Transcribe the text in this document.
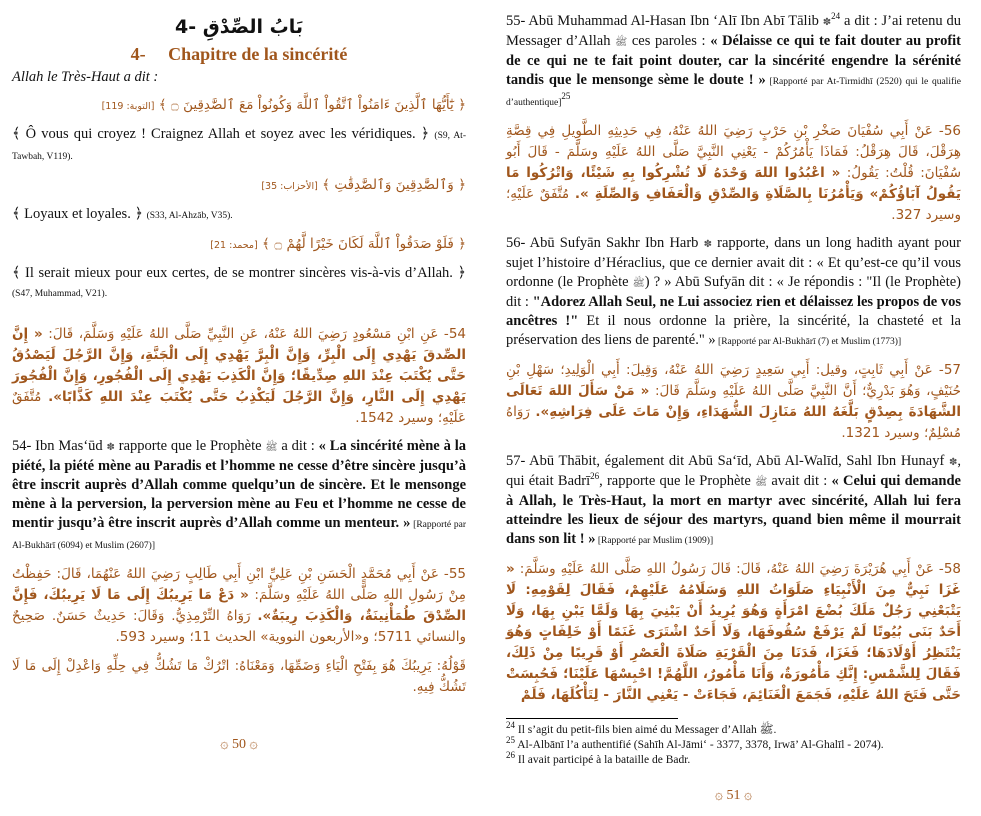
4- بَابُ الصِّدْقِ
4- Chapitre de la sincérité
Allah le Très-Haut a dit :
﴿ يَٰٓأَيُّهَا ٱلَّذِينَ ءَامَنُواْ ٱتَّقُواْ ٱللَّهَ وَكُونُواْ مَعَ ٱلصَّٰدِقِينَ ۝ ﴾ [التوبة: 119]
﴾ Ô vous qui croyez ! Craignez Allah et soyez avec les véridiques. ﴿ (S9, At-Tawbah, V119).
﴿ وَٱلصَّٰدِقِينَ وَٱلصَّٰدِقَٰتِ ﴾ [الأحزاب: 35]
﴾ Loyaux et loyales. ﴿ (S33, Al-Ahzāb, V35).
﴿ فَلَوْ صَدَقُواْ ٱللَّهَ لَكَانَ خَيْرًا لَّهُمْ ۝ ﴾ [محمد: 21]
﴾ Il serait mieux pour eux certes, de se montrer sincères vis-à-vis d’Allah. ﴿ (S47, Muhammad, V21).
54- عَنِ ابْنِ مَسْعُودٍ رَضِيَ اللهُ عَنْهُ، عَنِ النَّبِيِّ صَلَّى اللهُ عَلَيْهِ وَسَلَّمَ، قَالَ: « إِنَّ الصِّدقَ يَهْدِي إِلَى الْبِرِّ، وَإِنَّ الْبِرَّ يَهْدِي إِلَى الْجَنَّةِ، وَإِنَّ الرَّجُلَ لَيَصْدُقُ حَتَّى يُكْتَبَ عِنْدَ اللهِ صِدِّيقًا؛ وَإِنَّ الْكَذِبَ يَهْدِي إِلَى الْفُجُورِ، وَإِنَّ الْفُجُورَ يَهْدِي إِلَى النَّارِ، وَإِنَّ الرَّجُلَ لَيَكْذِبُ حَتَّى يُكْتَبَ عِنْدَ اللهِ كَذَّابًا». مُتَّفَقٌ عَلَيْهِ؛ وسيرد 1542.
54- Ibn Mas‘ūd ✽ rapporte que le Prophète ﷺ a dit : « La sincérité mène à la piété, la piété mène au Paradis et l’homme ne cesse d’être sincère jusqu’à être inscrit auprès d’Allah comme quelqu’un de sincère. Et le mensonge mène à la perversion, la perversion mène au Feu et l’homme ne cesse de mentir jusqu’à être inscrit auprès d’Allah comme un menteur. » [Rapporté par Al-Bukhārī (6094) et Muslim (2607)]
55- عَنْ أَبِي مُحَمَّدٍ الْحَسَنِ بْنِ عَلِيِّ ابْنِ أَبِي طَالِبٍ رَضِيَ اللهُ عَنْهُمَا، قَالَ: حَفِظْتُ مِنْ رَسُولِ اللهِ صَلَّى اللهُ عَلَيْهِ وسَلَّمَ: « دَعْ مَا يَرِيبُكَ إِلَى مَا لَا يَرِيبُكَ، فَإِنَّ الصِّدْقَ طُمَأْنِينَةٌ، وَالْكَذِبَ رِيبَةٌ». رَوَاهُ التِّرْمِذِيُّ. وَقَالَ: حَدِيثٌ حَسَنٌ. صَحِيحٌ والنسائي 5711؛ و«الأربعون النووية» الحديث 11؛ وسيرد 593.
قَوْلُهُ: يَرِيبُكَ هُوَ بِفَتْحِ الْيَاءِ وَضَمِّهَا، وَمَعْنَاهُ: اتْرُكْ مَا تَشُكُّ فِي حِلِّهِ وَاعْدِلْ إِلَى مَا لَا تَشُكُّ فِيهِ.
۞ 50 ۞
55- Abū Muhammad Al-Hasan Ibn ‘Alī Ibn Abī Tālib ✽$^{24}$ a dit : J’ai retenu du Messager d’Allah ﷺ ces paroles : « Délaisse ce qui te fait douter au profit de ce qui ne te fait point douter, car la sincérité engendre la sérénité tandis que le mensonge sème le doute ! » [Rapporté par At-Tirmidhī (2520) qui le qualifie d’authentique]$^{25}$
56- عَنْ أَبِي سُفْيَانَ صَخْرِ بْنِ حَرْبٍ رَضِيَ اللهُ عَنْهُ، فِي حَدِيثِهِ الطَّوِيلِ فِي قِصَّةِ هِرَقْلَ، قَالَ هِرَقْلُ: فَمَاذَا يَأْمُرُكُمْ - يَعْنِي النَّبِيَّ صَلَّى اللهُ عَلَيْهِ وسَلَّمَ - قَالَ أَبُو سُفْيَانَ: قُلْتُ: يَقُولُ: « اعْبُدُوا اللهَ وَحْدَهُ لَا تُشْرِكُوا بِهِ شَيْئًا، وَاتْرُكُوا مَا يَقُولُ آبَاؤُكُمْ» وَيَأْمُرُنَا بِالصَّلَاةِ وَالصِّدْقِ وَالْعَفَافِ وَالصِّلَةِ ». مُتَّفَقٌ عَلَيْهِ؛ وسيرد 327.
56- Abū Sufyān Sakhr Ibn Harb ✽ rapporte, dans un long hadith ayant pour sujet l’histoire d’Héraclius, que ce dernier avait dit : « Et qu’est-ce qu’il vous ordonne (le Prophète ﷺ) ? » Abū Sufyān dit : « Je répondis : "Il (le Prophète) dit : "Adorez Allah Seul, ne Lui associez rien et délaissez les propos de vos ancêtres !" Et il nous ordonne la prière, la sincérité, la chasteté et la préservation des liens de parenté." » [Rapporté par Al-Bukhārī (7) et Muslim (1773)]
57- عَنْ أَبِي ثَابِتٍ، وقيل: أَبِي سَعِيدٍ رَضِيَ اللهُ عَنْهُ، وَقِيلَ: أَبِي الْوَلِيدِ؛ سَهْلِ بْنِ حُنَيْفٍ، وَهُوَ بَدْرِيٌّ؛ أَنَّ النَّبِيَّ صَلَّى اللهُ عَلَيْهِ وسَلَّمَ قَالَ: « مَنْ سَأَلَ اللهَ تَعَالَى الشَّهَادَةَ بِصِدْقٍ بَلَّغَهُ اللهُ مَنَازِلَ الشُّهَدَاءِ، وَإِنْ مَاتَ عَلَى فِرَاشِهِ». رَوَاهُ مُسْلِمٌ؛ وسيرد 1321.
57- Abū Thābit, également dit Abū Sa‘īd, Abū Al-Walīd, Sahl Ibn Hunayf ✽, qui était Badrī$^{26}$, rapporte que le Prophète ﷺ avait dit : « Celui qui demande à Allah, le Très-Haut, la mort en martyr avec sincérité, Allah lui fera atteindre les lieux de séjour des martyrs, quand bien même il mourrait dans son lit ! » [Rapporté par Muslim (1909)]
58- عَنْ أَبِي هُرَيْرَةَ رَضِيَ اللهُ عَنْهُ، قَالَ: قَالَ رَسُولُ اللهِ صَلَّى اللهُ عَلَيْهِ وسَلَّمَ: « غَزَا نَبِيٌّ مِنَ الْأَنْبِيَاءِ صَلَوَاتُ اللهِ وَسَلَامُهُ عَلَيْهِمْ، فَقَالَ لِقَوْمِهِ: لَا يَتْبَعْنِي رَجُلٌ مَلَكَ بُضْعَ امْرَأَةٍ وَهُوَ يُرِيدُ أَنْ يَبْنِيَ بِهَا وَلَمَّا يَبْنِ بِهَا، وَلَا أَحَدٌ بَنَى بُيُوتًا لَمْ يَرْفَعْ سُقُوفَهَا، وَلَا أَحَدٌ اشْتَرَى غَنَمًا أَوْ خَلِفَاتٍ وَهُوَ يَنْتَظِرُ أَوْلَادَهَا؛ فَغَزَا، فَدَنَا مِنَ الْقَرْيَةِ صَلَاةَ الْعَصْرِ أَوْ قَرِيبًا مِنْ ذَلِكَ، فَقَالَ لِلشَّمْسِ: إِنَّكِ مَأْمُورَةٌ، وَأَنَا مَأْمُورٌ، اللَّهُمَّ! احْبِسْهَا عَلَيْنَا؛ فَحُبِسَتْ حَتَّى فَتَحَ اللهُ عَلَيْهِ، فَجَمَعَ الْغَنَائِمَ، فَجَاءَتْ - يَعْنِي النَّارَ - لِتَأْكُلَهَا، فَلَمْ
$^{24}$ Il s’agit du petit-fils bien aimé du Messager d’Allah ﷺ.
$^{25}$ Al-Albānī l’a authentifié (Sahīh Al-Jāmi‘ - 3377, 3378, Irwā’ Al-Ghalīl - 2074).
$^{26}$ Il avait participé à la bataille de Badr.
۞ 51 ۞
